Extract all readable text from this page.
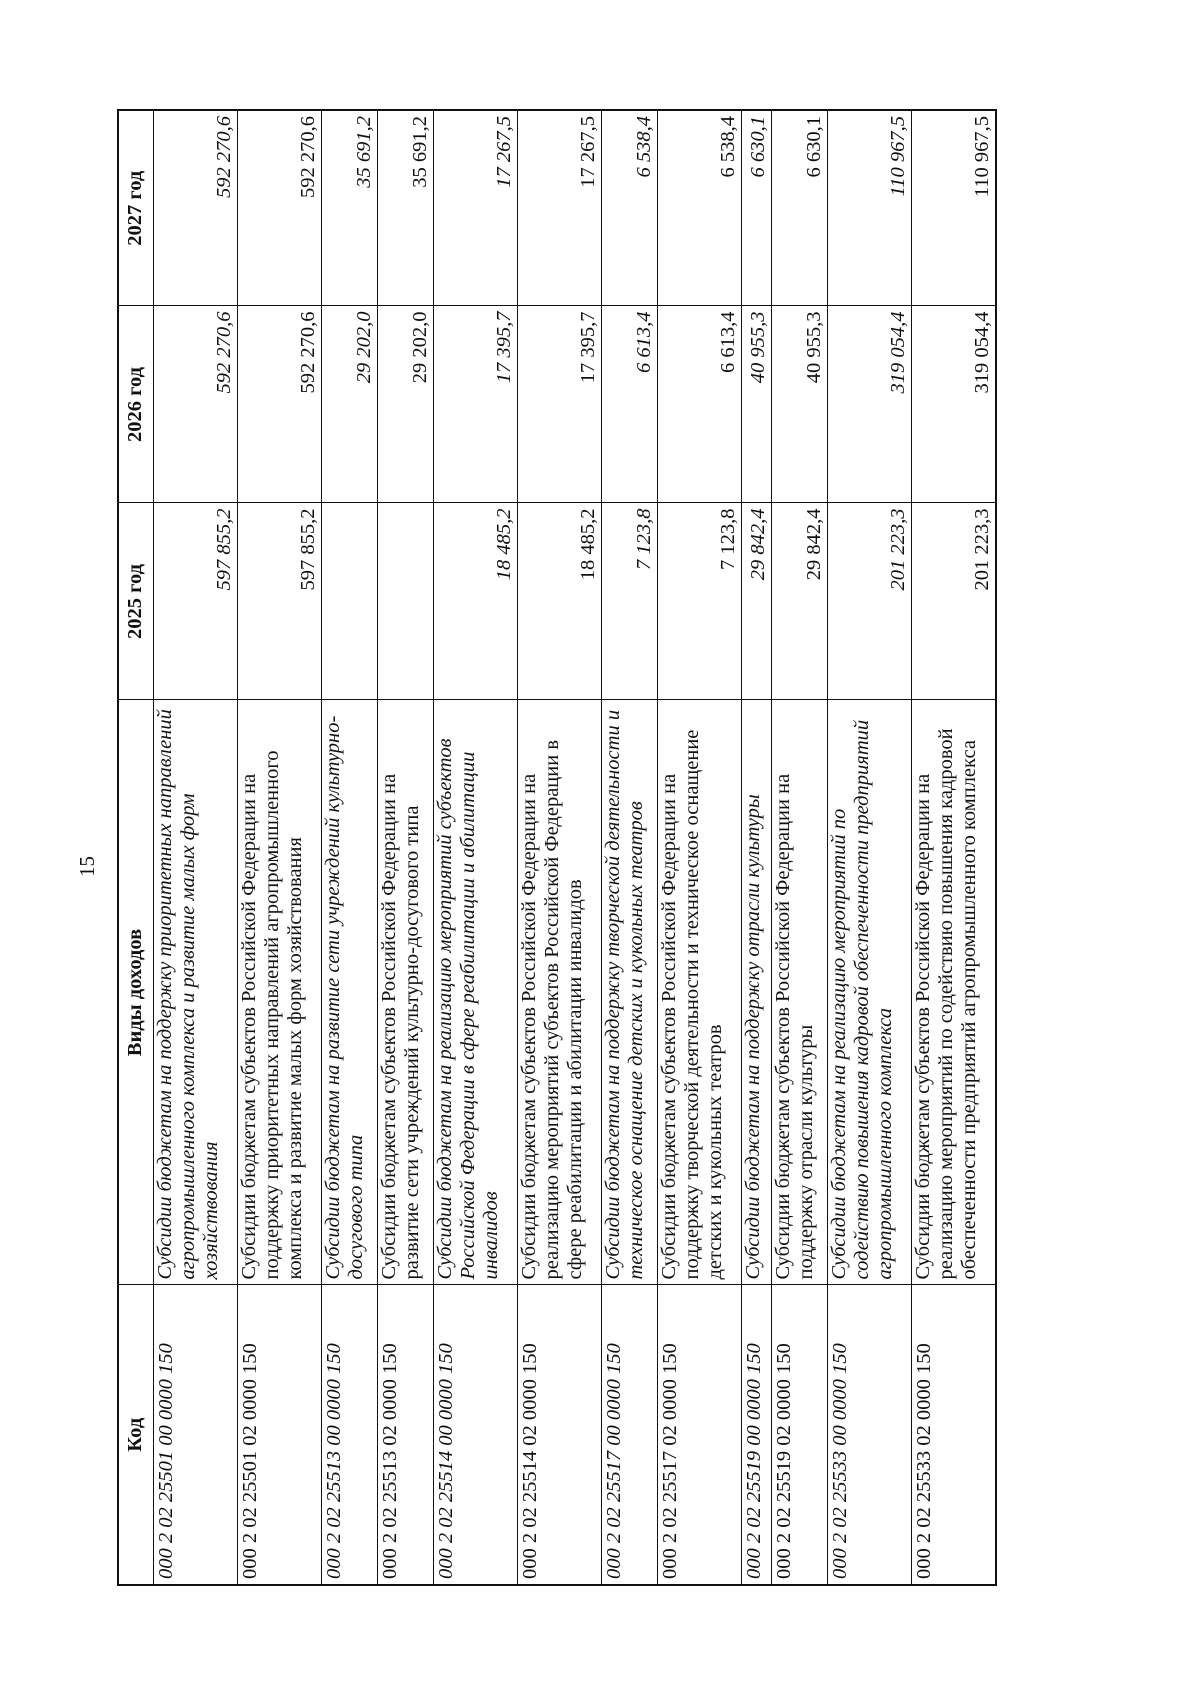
15
Код	Виды доходов	2025 год	2026 год	2027 год
000 2 02 25501 00 0000 150	Субсидии бюджетам на поддержку приоритетных направлений агропромышленного комплекса и развитие малых форм хозяйствования	597 855,2	592 270,6	592 270,6
000 2 02 25501 02 0000 150	Субсидии бюджетам субъектов Российской Федерации на поддержку приоритетных направлений агропромышленного комплекса и развитие малых форм хозяйствования	597 855,2	592 270,6	592 270,6
000 2 02 25513 00 0000 150	Субсидии бюджетам на развитие сети учреждений культурно-досугового типа		29 202,0	35 691,2
000 2 02 25513 02 0000 150	Субсидии бюджетам субъектов Российской Федерации на развитие сети учреждений культурно-досугового типа		29 202,0	35 691,2
000 2 02 25514 00 0000 150	Субсидии бюджетам на реализацию мероприятий субъектов Российской Федерации в сфере реабилитации и абилитации инвалидов	18 485,2	17 395,7	17 267,5
000 2 02 25514 02 0000 150	Субсидии бюджетам субъектов Российской Федерации на реализацию мероприятий субъектов Российской Федерации в сфере реабилитации и абилитации инвалидов	18 485,2	17 395,7	17 267,5
000 2 02 25517 00 0000 150	Субсидии бюджетам на поддержку творческой деятельности и техническое оснащение детских и кукольных театров	7 123,8	6 613,4	6 538,4
000 2 02 25517 02 0000 150	Субсидии бюджетам субъектов Российской Федерации на поддержку творческой деятельности и техническое оснащение детских и кукольных театров	7 123,8	6 613,4	6 538,4
000 2 02 25519 00 0000 150	Субсидии бюджетам на поддержку отрасли культуры	29 842,4	40 955,3	6 630,1
000 2 02 25519 02 0000 150	Субсидии бюджетам субъектов Российской Федерации на поддержку отрасли культуры	29 842,4	40 955,3	6 630,1
000 2 02 25533 00 0000 150	Субсидии бюджетам на реализацию мероприятий по содействию повышения кадровой обеспеченности предприятий агропромышленного комплекса	201 223,3	319 054,4	110 967,5
000 2 02 25533 02 0000 150	Субсидии бюджетам субъектов Российской Федерации на реализацию мероприятий по содействию повышения кадровой обеспеченности предприятий агропромышленного комплекса	201 223,3	319 054,4	110 967,5
